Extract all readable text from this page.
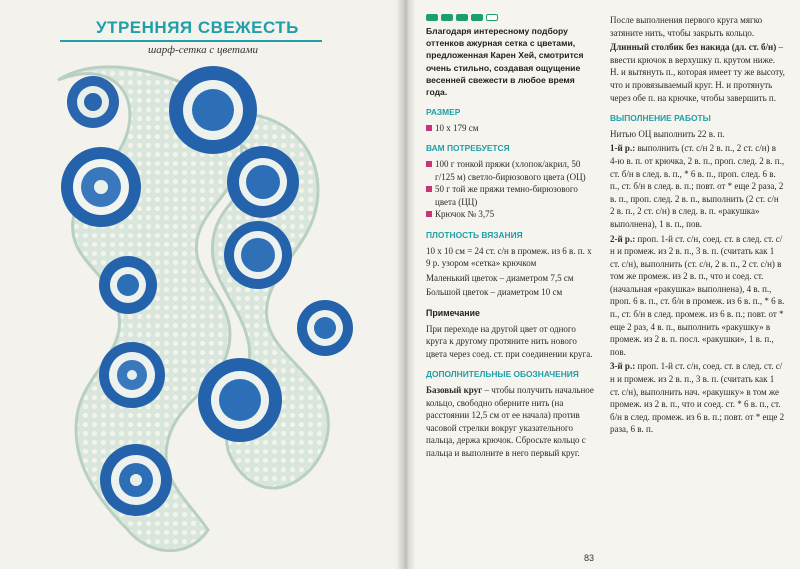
УТРЕННЯЯ СВЕЖЕСТЬ
шарф-сетка с цветами

Благодаря интересному подбору оттенков ажурная сетка с цветами, предложенная Карен Хей, смотрится очень стильно, создавая ощущение весенней свежести в любое время года.

РАЗМЕР
10 x 179 см
ВАМ ПОТРЕБУЕТСЯ
100 г тонкой пряжи (хлопок/акрил, 50 г/125 м) светло-бирюзового цвета (ОЦ)
50 г той же пряжи темно-бирюзового цвета (ЦЦ)
Крючок № 3,75
ПЛОТНОСТЬ ВЯЗАНИЯ

10 x 10 см = 24 ст. с/н в промеж. из 6 в. п. x 9 р. узором «сетка» крючком

Маленький цветок – диаметром 7,5 см

Большой цветок – диаметром 10 см

Примечание

При переходе на другой цвет от одного круга к другому протяните нить нового цвета через соед. ст. при соединении круга.

ДОПОЛНИТЕЛЬНЫЕ ОБОЗНАЧЕНИЯ

Базовый круг – чтобы получить начальное кольцо, свободно оберните нить (на расстоянии 12,5 см от ее начала) против часовой стрелки вокруг указательного пальца, держа крючок. Сбросьте кольцо с пальца и выполните в него первый круг.

После выполнения первого круга мягко затяните нить, чтобы закрыть кольцо.

Длинный столбик без накида (дл. ст. б/н) – ввести крючок в верхушку п. крутом ниже. Н. и вытянуть п., которая имеет ту же высоту, что и провязываемый круг. Н. и протянуть через обе п. на крючке, чтобы завершить п.

ВЫПОЛНЕНИЕ РАБОТЫ

Нитью ОЦ выполнить 22 в. п.

1-й р.: выполнить (ст. с/н 2 в. п., 2 ст. с/н) в 4-ю в. п. от крючка, 2 в. п., проп. след. 2 в. п., ст. б/н в след. в. п., * 6 в. п., проп. след. 6 в. п., ст. б/н в след. в. п.; повт. от * еще 2 раза, 2 в. п., проп. след. 2 в. п., выполнить (2 ст. с/н 2 в. п., 2 ст. с/н) в след. в. п. «ракушка» выполнена), 1 в. п., пов.

2-й р.: проп. 1-й ст. с/н, соед. ст. в след. ст. с/н и промеж. из 2 в. п., 3 в. п. (считать как 1 ст. с/н), выполнить (ст. с/н, 2 в. п., 2 ст. с/н) в том же промеж. из 2 в. п., что и соед. ст. (начальная «ракушка» выполнена), 4 в. п., проп. 6 в. п., ст. б/н в промеж. из 6 в. п., * 6 в. п., ст. б/н в след. промеж. из 6 в. п.; повт. от * еще 2 раз, 4 в. п., выполнить «ракушку» в промеж. из 2 в. п. посл. «ракушки», 1 в. п., пов.

3-й р.: проп. 1-й ст. с/н, соед. ст. в след. ст. с/н и промеж. из 2 в. п., 3 в. п. (считать как 1 ст. с/н), выполнить нач. «ракушку» в том же промеж. из 2 в. п., что и соед. ст. * 6 в. п., ст. б/н в след. промеж. из 6 в. п.; повт. от * еще 2 раза, 6 в. п.

83
